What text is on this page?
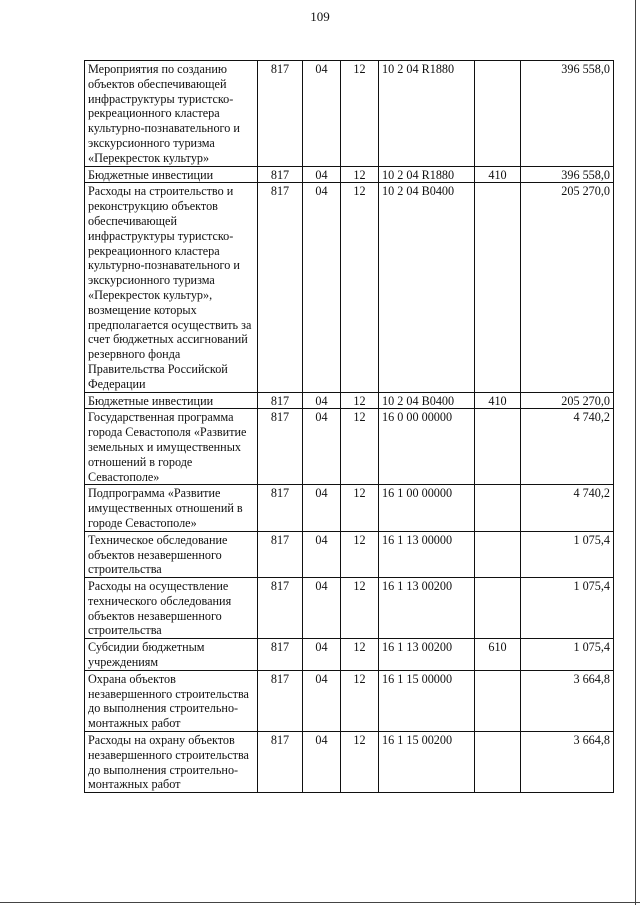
109
Мероприятия по созданию объектов обеспечивающей инфраструктуры туристско-рекреационного кластера культурно-познавательного и экскурсионного туризма «Перекресток культур»	817	04	12	10 2 04 R1880		396 558,0
Бюджетные инвестиции	817	04	12	10 2 04 R1880	410	396 558,0
Расходы на строительство и реконструкцию объектов обеспечивающей инфраструктуры туристско-рекреационного кластера культурно-познавательного и экскурсионного туризма «Перекресток культур», возмещение которых предполагается осуществить за счет бюджетных ассигнований резервного фонда Правительства Российской Федерации	817	04	12	10 2 04 B0400		205 270,0
Бюджетные инвестиции	817	04	12	10 2 04 B0400	410	205 270,0
Государственная программа города Севастополя «Развитие земельных и имущественных отношений в городе Севастополе»	817	04	12	16 0 00 00000		4 740,2
Подпрограмма «Развитие имущественных отношений в городе Севастополе»	817	04	12	16 1 00 00000		4 740,2
Техническое обследование объектов незавершенного строительства	817	04	12	16 1 13 00000		1 075,4
Расходы на осуществление технического обследования объектов незавершенного строительства	817	04	12	16 1 13 00200		1 075,4
Субсидии бюджетным учреждениям	817	04	12	16 1 13 00200	610	1 075,4
Охрана объектов незавершенного строительства до выполнения строительно-монтажных работ	817	04	12	16 1 15 00000		3 664,8
Расходы на охрану объектов незавершенного строительства до выполнения строительно-монтажных работ	817	04	12	16 1 15 00200		3 664,8
